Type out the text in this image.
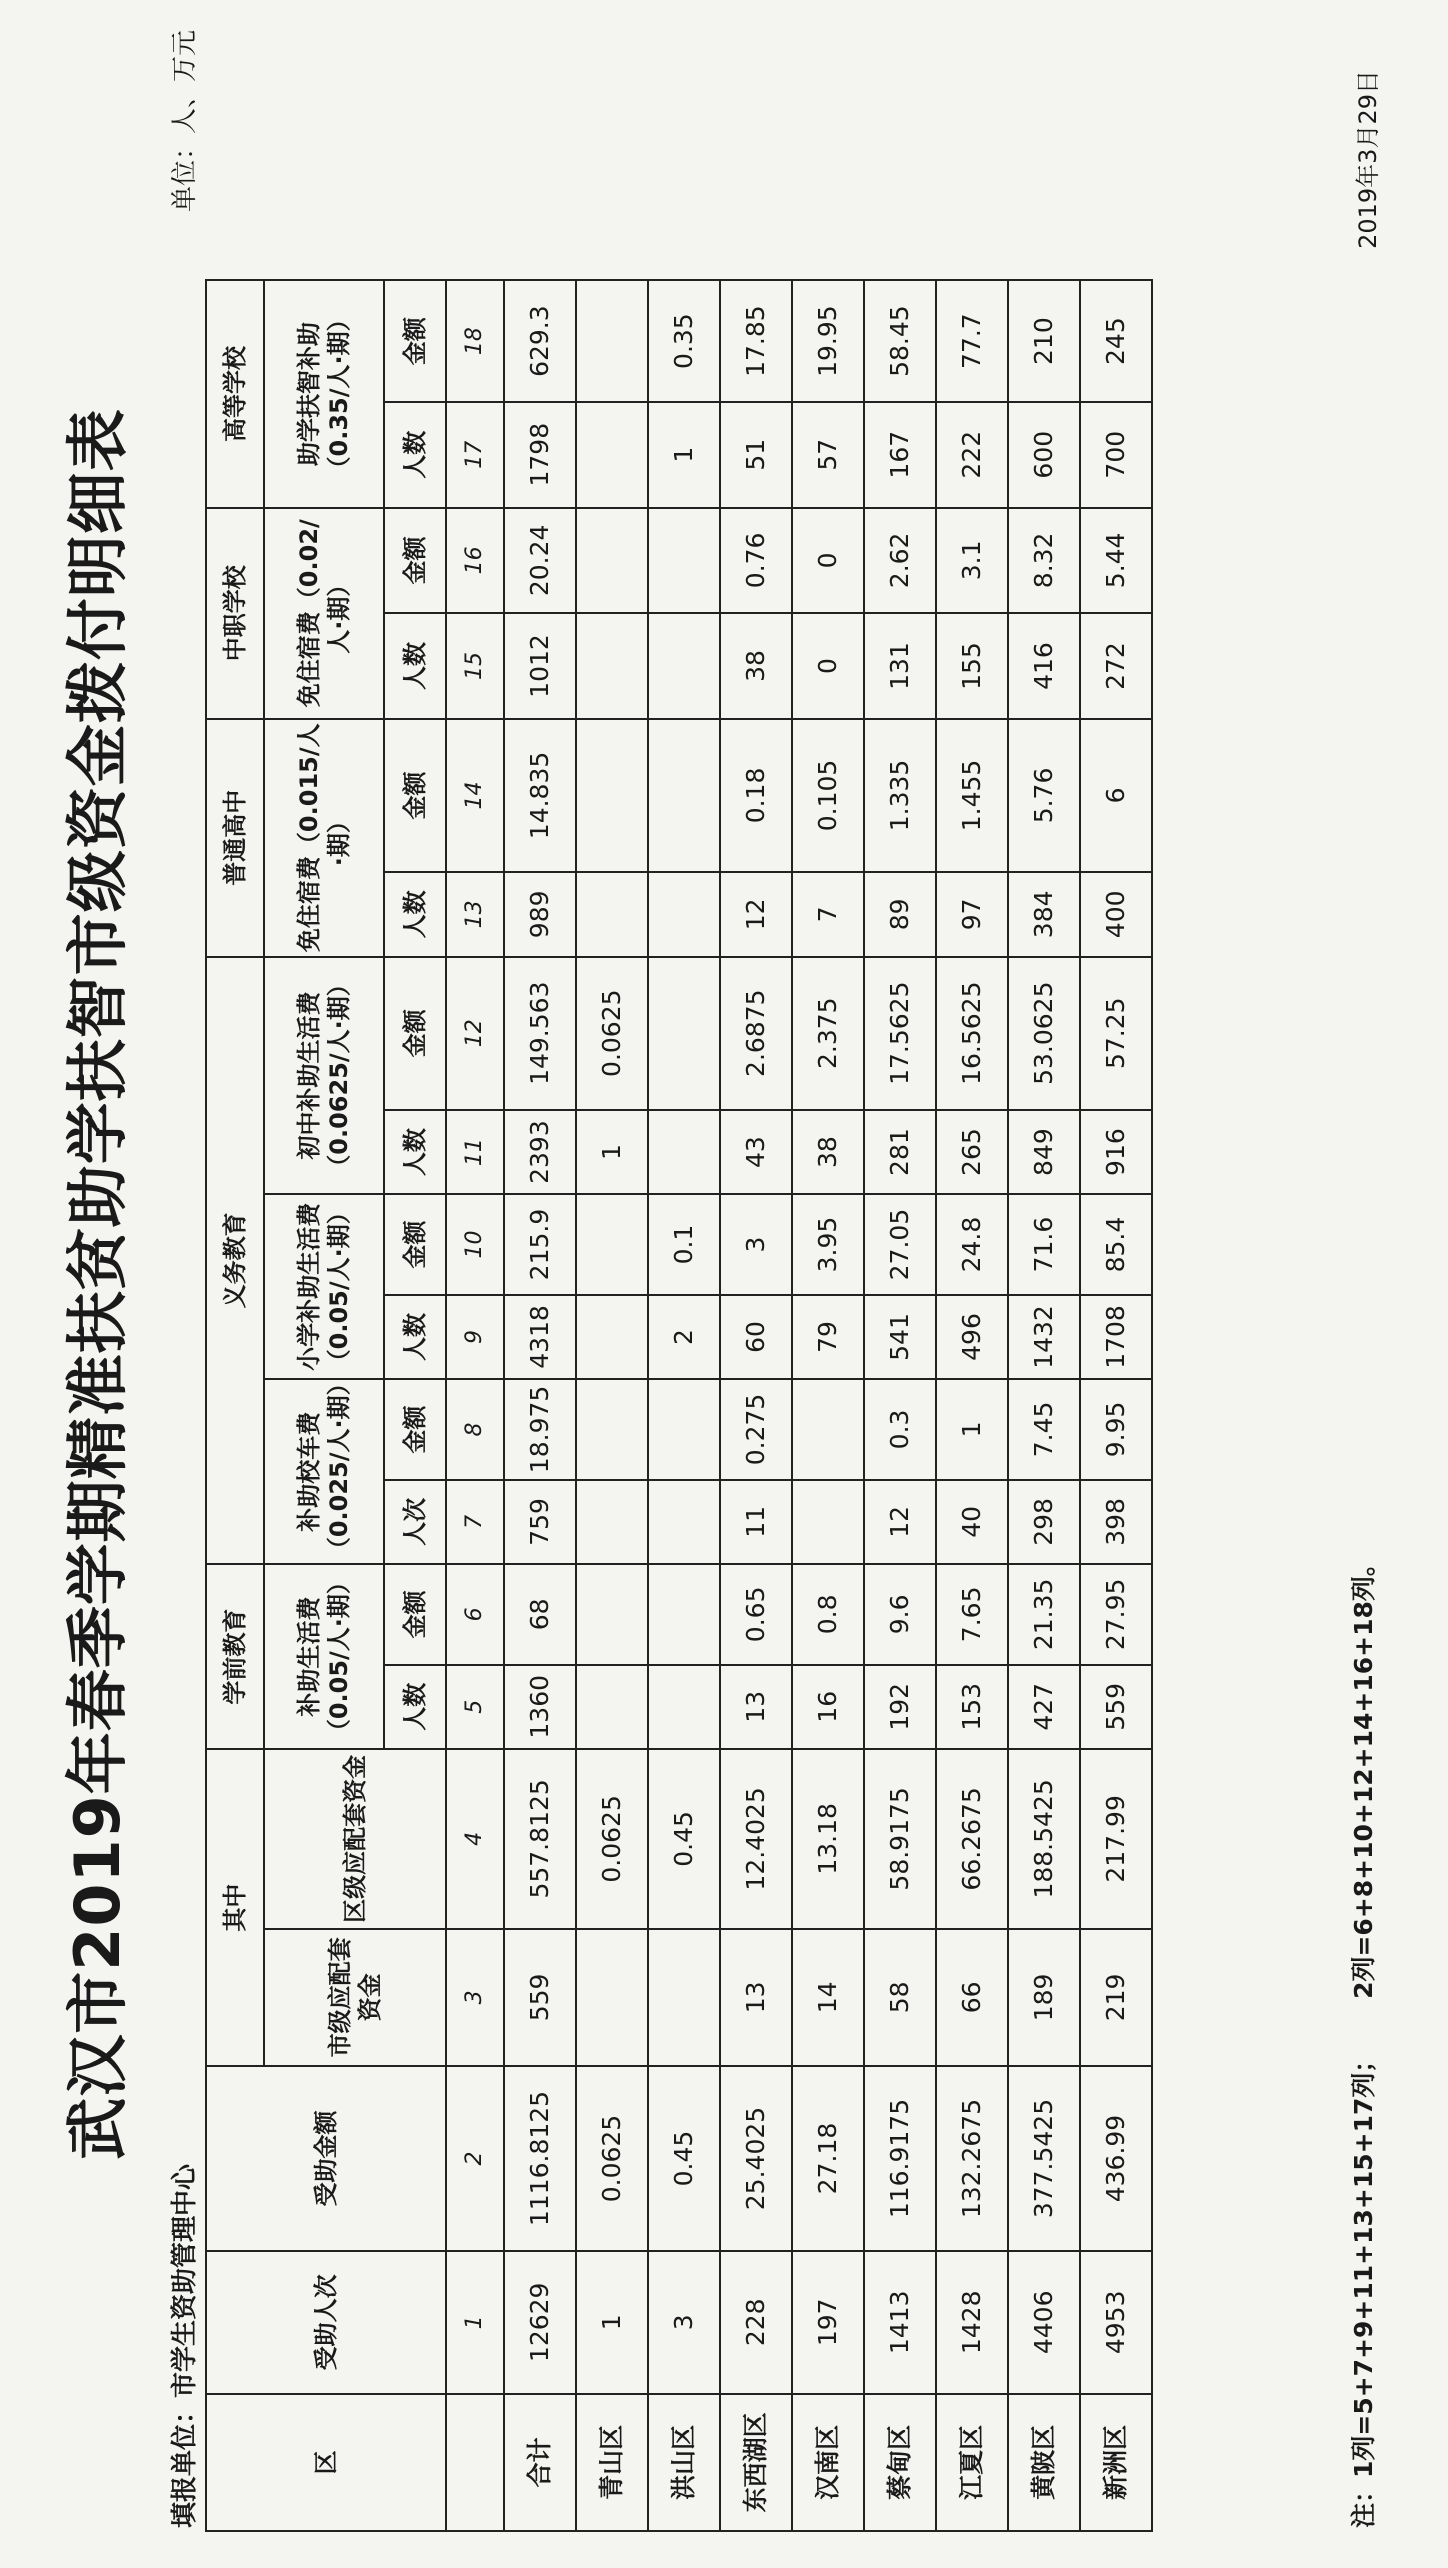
武汉市2019年春季学期精准扶贫助学扶智市级资金拨付明细表
填报单位：市学生资助管理中心
单位：人、万元
区	受助人次	受助金额	其中		学前教育		义务教育						普通高中		中职学校		高等学校	
			市级应配套资金	区级应配套资金	补助生活费（0.05/人·期）		补助校车费（0.025/人·期）		小学补助生活费（0.05/人·期）		初中补助生活费（0.0625/人·期）		免住宿费（0.015/人·期）		免住宿费（0.02/人·期）		助学扶智补助（0.35/人·期）	
					人数	金额	人次	金额	人数	金额	人数	金额	人数	金额	人数	金额	人数	金额
	1	2	3	4	5	6	7	8	9	10	11	12	13	14	15	16	17	18
合计	12629	1116.8125	559	557.8125	1360	68	759	18.975	4318	215.9	2393	149.563	989	14.835	1012	20.24	1798	629.3
青山区	1	0.0625		0.0625							1	0.0625						
洪山区	3	0.45		0.45					2	0.1							1	0.35
东西湖区	228	25.4025	13	12.4025	13	0.65	11	0.275	60	3	43	2.6875	12	0.18	38	0.76	51	17.85
汉南区	197	27.18	14	13.18	16	0.8			79	3.95	38	2.375	7	0.105	0	0	57	19.95
蔡甸区	1413	116.9175	58	58.9175	192	9.6	12	0.3	541	27.05	281	17.5625	89	1.335	131	2.62	167	58.45
江夏区	1428	132.2675	66	66.2675	153	7.65	40	1	496	24.8	265	16.5625	97	1.455	155	3.1	222	77.7
黄陂区	4406	377.5425	189	188.5425	427	21.35	298	7.45	1432	71.6	849	53.0625	384	5.76	416	8.32	600	210
新洲区	4953	436.99	219	217.99	559	27.95	398	9.95	1708	85.4	916	57.25	400	6	272	5.44	700	245
注：1列=5+7+9+11+13+15+17列； 2列=6+8+10+12+14+16+18列。
2019年3月29日
